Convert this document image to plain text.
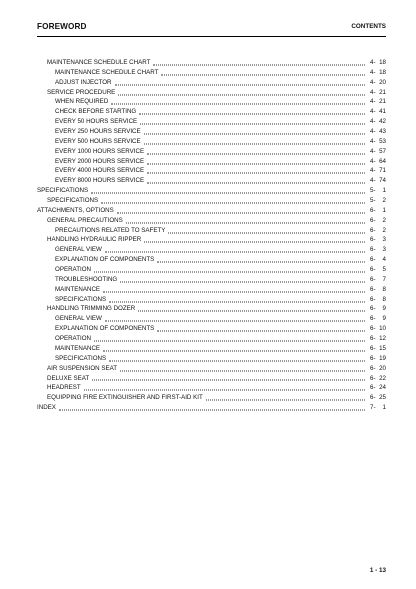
FOREWORD	CONTENTS
MAINTENANCE SCHEDULE CHART	4- 18
MAINTENANCE SCHEDULE CHART	4- 18
ADJUST INJECTOR	4- 20
SERVICE PROCEDURE	4- 21
WHEN REQUIRED	4- 21
CHECK BEFORE STARTING	4- 41
EVERY 50 HOURS SERVICE	4- 42
EVERY 250 HOURS SERVICE	4- 43
EVERY 500 HOURS SERVICE	4- 53
EVERY 1000 HOURS SERVICE	4- 57
EVERY 2000 HOURS SERVICE	4- 64
EVERY 4000 HOURS SERVICE	4- 71
EVERY 8000 HOURS SERVICE	4- 74
SPECIFICATIONS	5- 1
SPECIFICATIONS	5- 2
ATTACHMENTS, OPTIONS	6- 1
GENERAL PRECAUTIONS	6- 2
PRECAUTIONS RELATED TO SAFETY	6- 2
HANDLING HYDRAULIC RIPPER	6- 3
GENERAL VIEW	6- 3
EXPLANATION OF COMPONENTS	6- 4
OPERATION	6- 5
TROUBLESHOOTING	6- 7
MAINTENANCE	6- 8
SPECIFICATIONS	6- 8
HANDLING TRIMMING DOZER	6- 9
GENERAL VIEW	6- 9
EXPLANATION OF COMPONENTS	6- 10
OPERATION	6- 12
MAINTENANCE	6- 15
SPECIFICATIONS	6- 19
AIR SUSPENSION SEAT	6- 20
DELUXE SEAT	6- 22
HEADREST	6- 24
EQUIPPING FIRE EXTINGUISHER AND FIRST-AID KIT	6- 25
INDEX	7- 1
1 - 13
